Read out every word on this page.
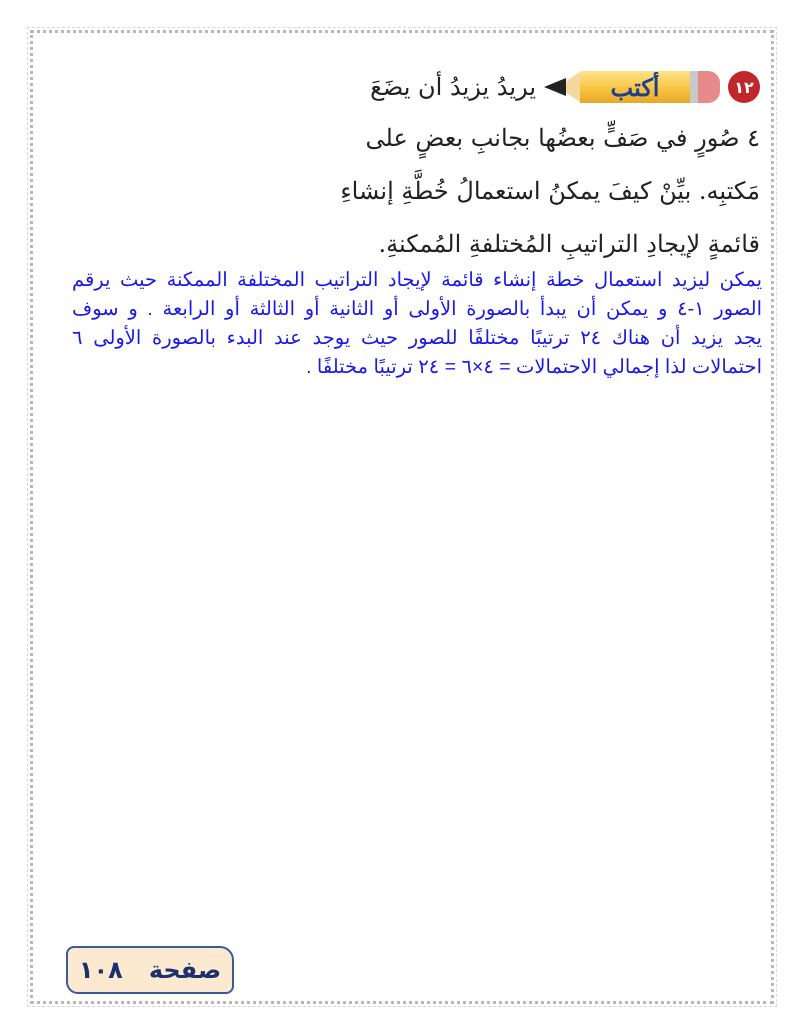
١٢
أكتب
يريدُ يزيدُ أن يضَعَ
٤ صُورٍ في صَفٍّ بعضُها بجانبِ بعضٍ على
مَكتبِه. بيِّنْ كيفَ يمكنُ استعمالُ خُطَّةِ إنشاءِ
قائمةٍ لإيجادِ التراتيبِ المُختلفةِ المُمكنةِ.
يمكن ليزيد استعمال خطة إنشاء قائمة لإيجاد التراتيب المختلفة الممكنة حيث يرقم
الصور ١-٤ و يمكن أن يبدأ بالصورة الأولى أو الثانية أو الثالثة أو الرابعة . و سوف
يجد يزيد أن هناك ٢٤ ترتيبًا مختلفًا للصور حيث يوجد عند البدء بالصورة الأولى ٦
احتمالات لذا إجمالي الاحتمالات = ٤×٦ = ٢٤ ترتيبًا مختلفًا .
صفحة
١٠٨
